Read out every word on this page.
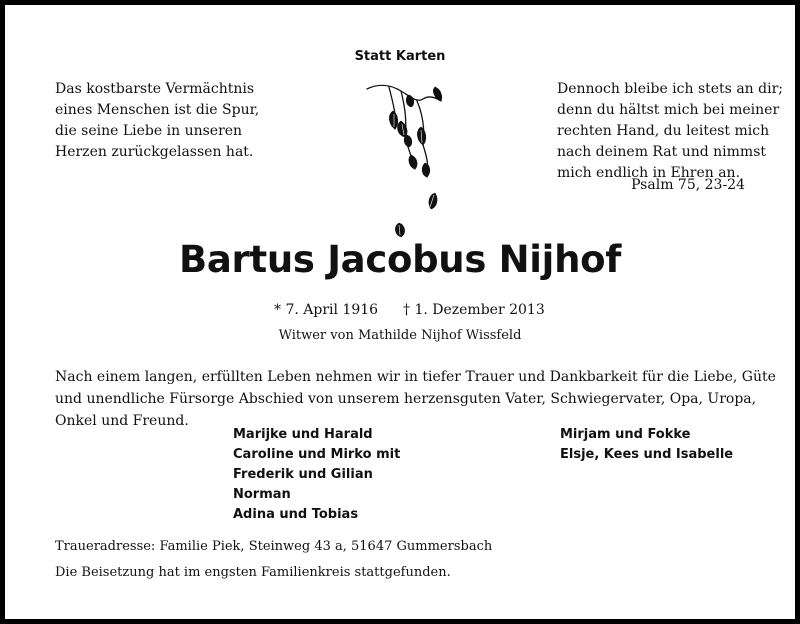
Statt Karten
Das kostbarste Vermächtnis
eines Menschen ist die Spur,
die seine Liebe in unseren
Herzen zurückgelassen hat.
Dennoch bleibe ich stets an dir;
denn du hältst mich bei meiner
rechten Hand, du leitest mich
nach deinem Rat und nimmst
mich endlich in Ehren an.
Psalm 75, 23-24
Bartus Jacobus Nijhof
* 7. April 1916 † 1. Dezember 2013
Witwer von Mathilde Nijhof Wissfeld
Nach einem langen, erfüllten Leben nehmen wir in tiefer Trauer und Dankbarkeit für die Liebe, Güte und unendliche Fürsorge Abschied von unserem herzensguten Vater, Schwiegervater, Opa, Uropa, Onkel und Freund.
Marijke und Harald
Caroline und Mirko mit
Frederik und Gilian
Norman
Adina und Tobias
Mirjam und Fokke
Elsje, Kees und Isabelle
Traueradresse: Familie Piek, Steinweg 43 a, 51647 Gummersbach
Die Beisetzung hat im engsten Familienkreis stattgefunden.
